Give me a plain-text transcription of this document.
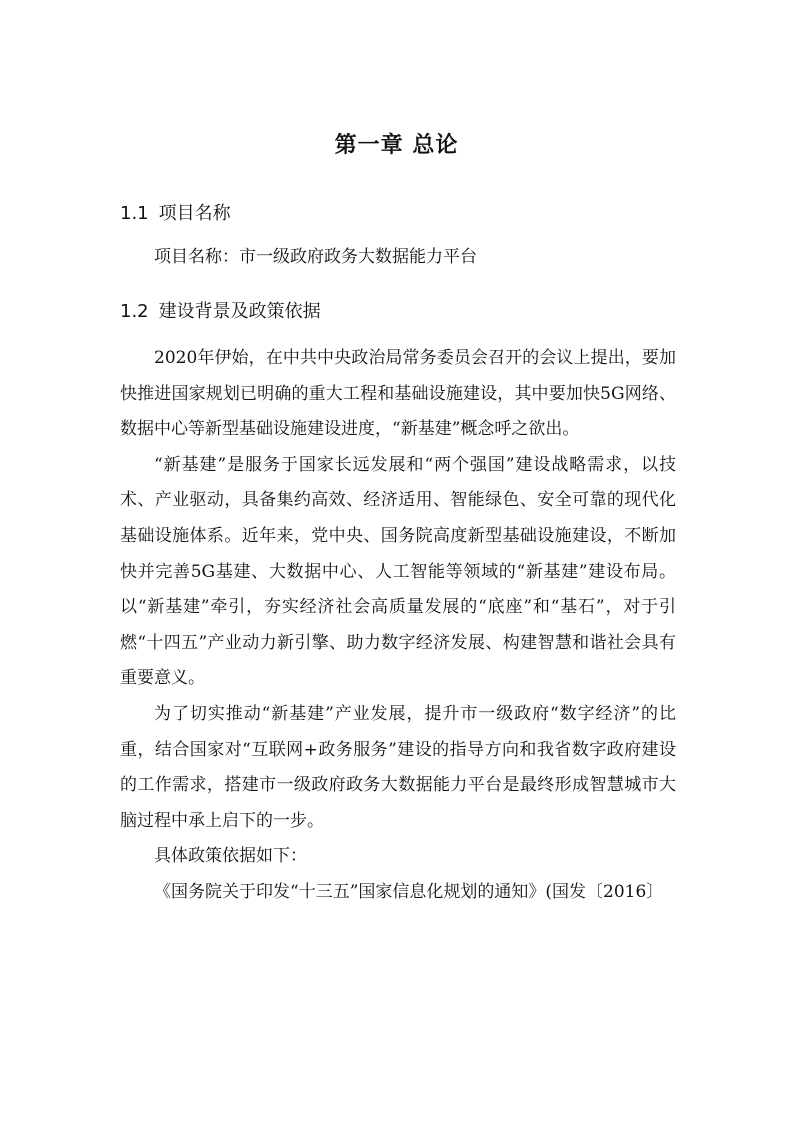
第一章 总论
1.1 项目名称

项目名称：市一级政府政务大数据能力平台

1.2 建设背景及政策依据

2020年伊始，在中共中央政治局常务委员会召开的会议上提出，要加快推进国家规划已明确的重大工程和基础设施建设，其中要加快5G网络、数据中心等新型基础设施建设进度，“新基建”概念呼之欲出。

“新基建”是服务于国家长远发展和“两个强国”建设战略需求，以技术、产业驱动，具备集约高效、经济适用、智能绿色、安全可靠的现代化基础设施体系。近年来，党中央、国务院高度新型基础设施建设，不断加快并完善5G基建、大数据中心、人工智能等领域的“新基建”建设布局。以“新基建”牵引，夯实经济社会高质量发展的“底座”和“基石”，对于引燃“十四五”产业动力新引擎、助力数字经济发展、构建智慧和谐社会具有重要意义。

为了切实推动“新基建”产业发展，提升市一级政府“数字经济”的比重，结合国家对“互联网+政务服务”建设的指导方向和我省数字政府建设的工作需求，搭建市一级政府政务大数据能力平台是最终形成智慧城市大脑过程中承上启下的一步。

具体政策依据如下：

《国务院关于印发“十三五”国家信息化规划的通知》(国发〔2016〕
